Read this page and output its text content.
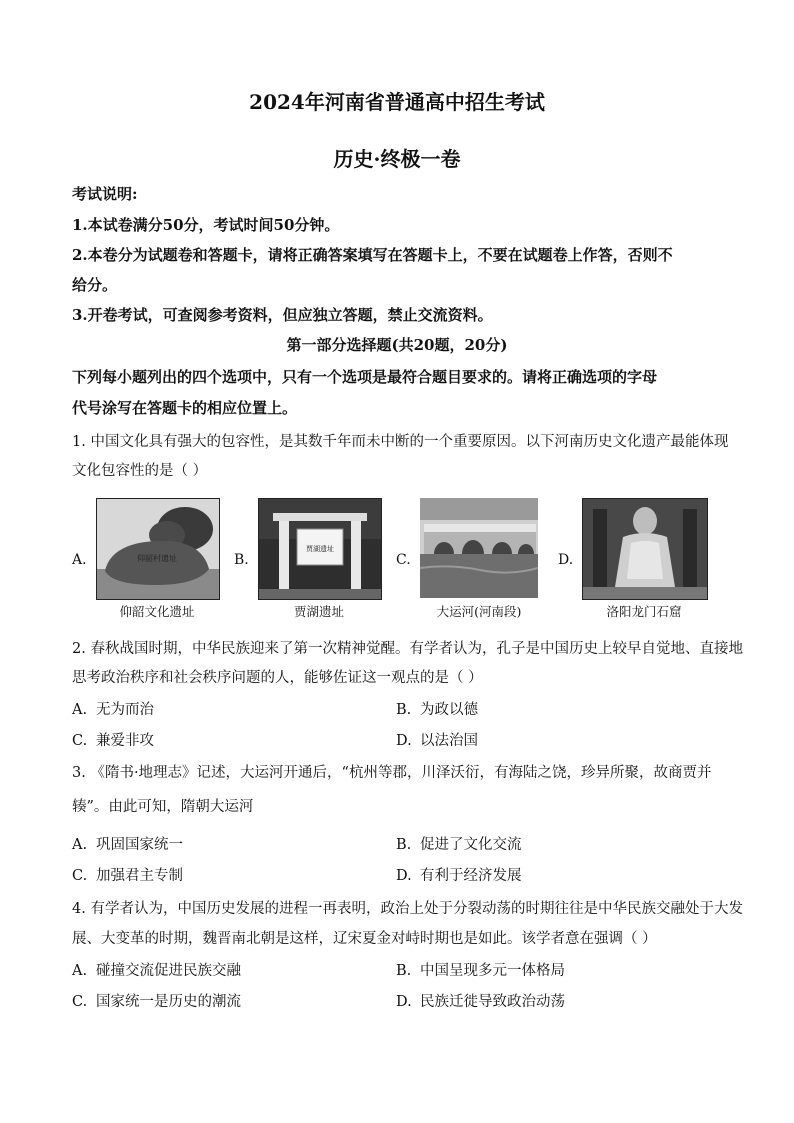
2024年河南省普通高中招生考试
历史·终极一卷
考试说明:
1.本试卷满分50分，考试时间50分钟。
2.本卷分为试题卷和答题卡，请将正确答案填写在答题卡上，不要在试题卷上作答，否则不
给分。
3.开卷考试，可查阅参考资料，但应独立答题，禁止交流资料。
第一部分选择题(共20题，20分)
下列每小题列出的四个选项中，只有一个选项是最符合题目要求的。请将正确选项的字母
代号涂写在答题卡的相应位置上。
1. 中国文化具有强大的包容性，是其数千年而未中断的一个重要原因。以下河南历史文化遗产最能体现
文化包容性的是（ ）
A.	仰韶村遗址
仰韶文化遗址
B.
贾湖遗址
贾湖遗址
C.
大运河(河南段)
D.
洛阳龙门石窟
2. 春秋战国时期，中华民族迎来了第一次精神觉醒。有学者认为，孔子是中国历史上较早自觉地、直接地
思考政治秩序和社会秩序问题的人，能够佐证这一观点的是（ ）
A. 无为而治	B. 为政以德
C. 兼爱非攻	D. 以法治国
3. 《隋书·地理志》记述，大运河开通后，“杭州等郡，川泽沃衍，有海陆之饶，珍异所聚，故商贾并
辏”。由此可知，隋朝大运河
A. 巩固国家统一	B. 促进了文化交流
C. 加强君主专制	D. 有利于经济发展
4. 有学者认为，中国历史发展的进程一再表明，政治上处于分裂动荡的时期往往是中华民族交融处于大发
展、大变革的时期，魏晋南北朝是这样，辽宋夏金对峙时期也是如此。该学者意在强调（ ）
A. 碰撞交流促进民族交融	B. 中国呈现多元一体格局
C. 国家统一是历史的潮流	D. 民族迁徙导致政治动荡
